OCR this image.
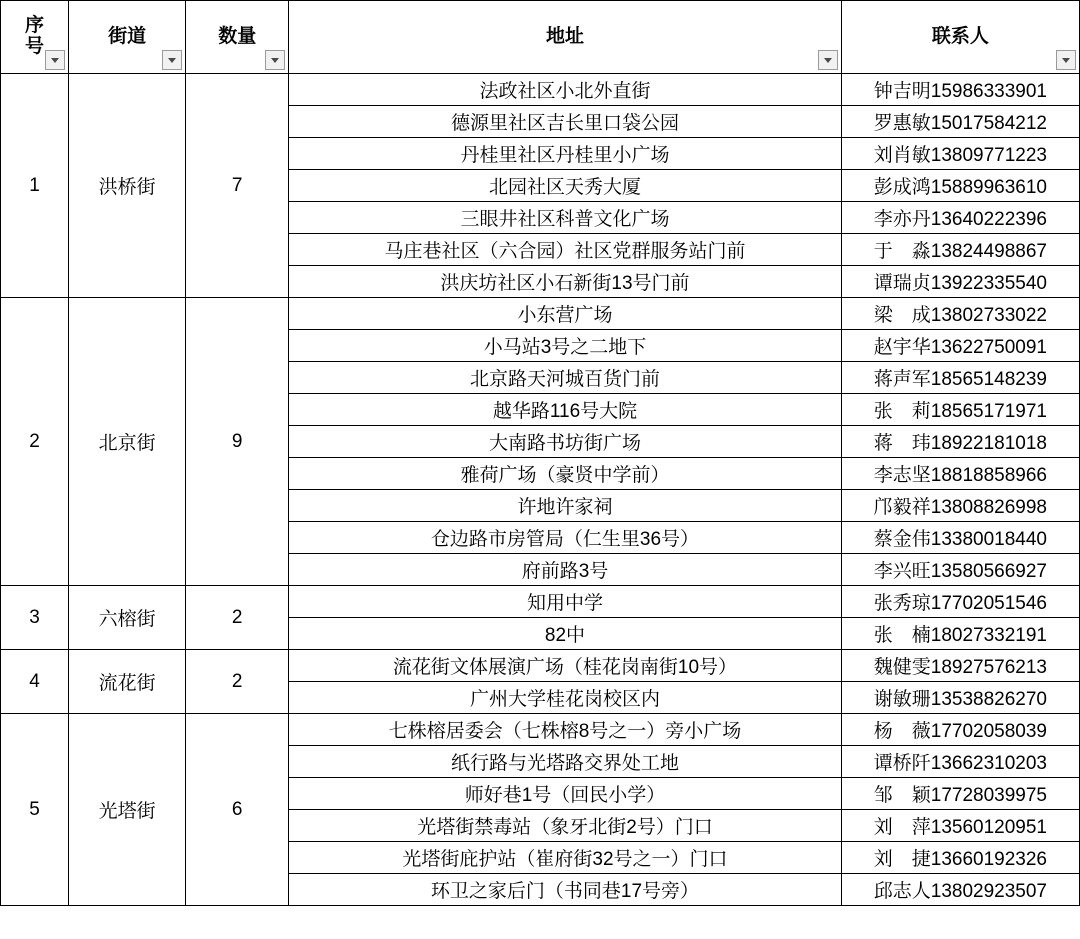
序号	街道	数量	地址	联系人

1	洪桥街	7	法政社区小北外直街	钟吉明15986333901
			德源里社区吉长里口袋公园	罗惠敏15017584212
			丹桂里社区丹桂里小广场	刘肖敏13809771223
			北园社区天秀大厦	彭成鸿15889963610
			三眼井社区科普文化广场	李亦丹13640222396
			马庄巷社区（六合园）社区党群服务站门前	于　淼13824498867
			洪庆坊社区小石新街13号门前	谭瑞贞13922335540
2	北京街	9	小东营广场	梁　成13802733022
			小马站3号之二地下	赵宇华13622750091
			北京路天河城百货门前	蒋声军18565148239
			越华路116号大院	张　莉18565171971
			大南路书坊街广场	蒋　玮18922181018
			雅荷广场（豪贤中学前）	李志坚18818858966
			许地许家祠	邝毅祥13808826998
			仓边路市房管局（仁生里36号）	蔡金伟13380018440
			府前路3号	李兴旺13580566927
3	六榕街	2	知用中学	张秀琼17702051546
			82中	张　楠18027332191
4	流花街	2	流花街文体展演广场（桂花岗南街10号）	魏健雯18927576213
			广州大学桂花岗校区内	谢敏珊13538826270
5	光塔街	6	七株榕居委会（七株榕8号之一）旁小广场	杨　薇17702058039
			纸行路与光塔路交界处工地	谭桥阡13662310203
			师好巷1号（回民小学）	邹　颖17728039975
			光塔街禁毒站（象牙北街2号）门口	刘　萍13560120951
			光塔街庇护站（崔府街32号之一）门口	刘　捷13660192326
			环卫之家后门（书同巷17号旁）	邱志人13802923507
